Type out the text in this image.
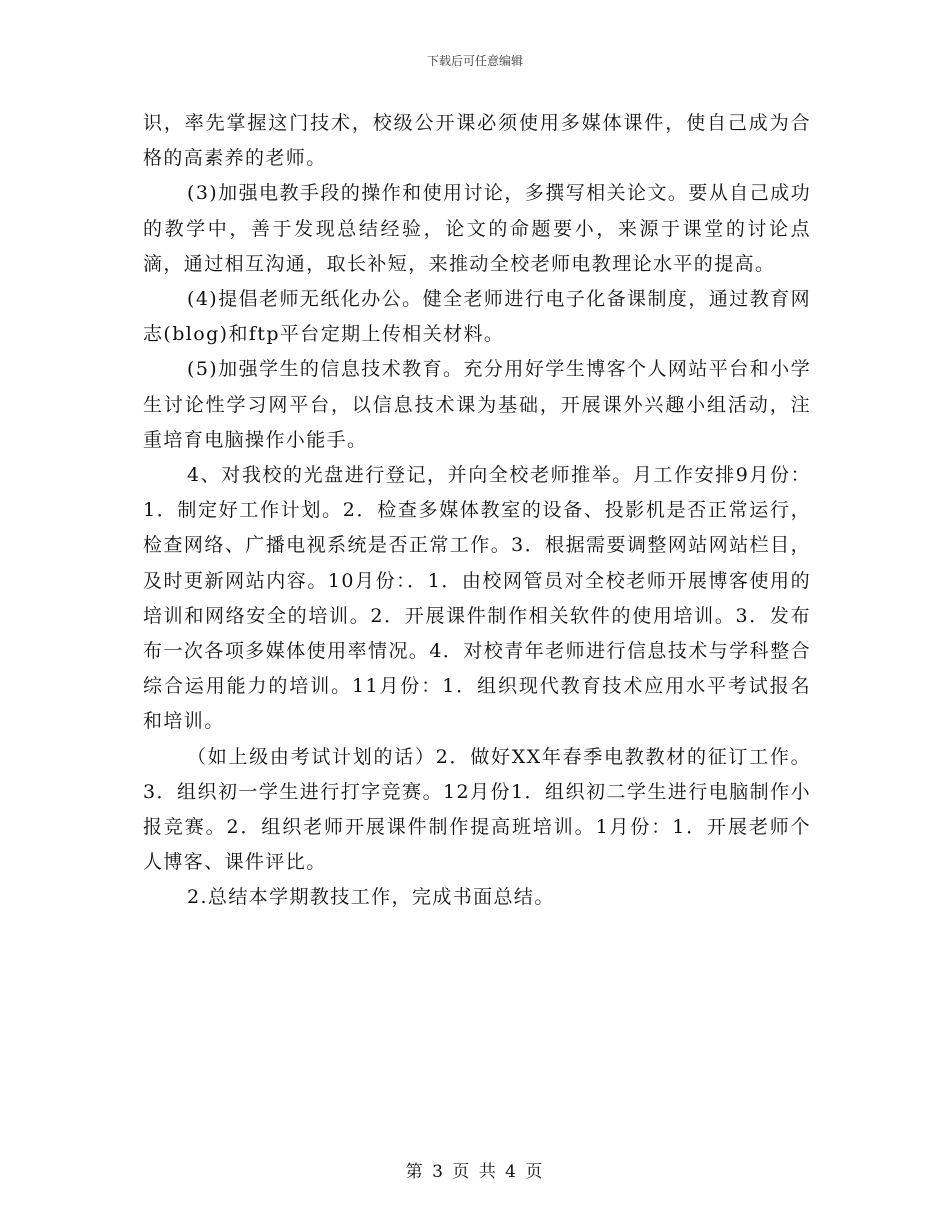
下载后可任意编辑

识，率先掌握这门技术，校级公开课必须使用多媒体课件，使自己成为合格的高素养的老师。

(3)加强电教手段的操作和使用讨论，多撰写相关论文。要从自己成功的教学中，善于发现总结经验，论文的命题要小，来源于课堂的讨论点滴，通过相互沟通，取长补短，来推动全校老师电教理论水平的提高。

(4)提倡老师无纸化办公。健全老师进行电子化备课制度，通过教育网志(blog)和ftp平台定期上传相关材料。

(5)加强学生的信息技术教育。充分用好学生博客个人网站平台和小学生讨论性学习网平台，以信息技术课为基础，开展课外兴趣小组活动，注重培育电脑操作小能手。

4、对我校的光盘进行登记，并向全校老师推举。月工作安排9月份：1．制定好工作计划。2．检查多媒体教室的设备、投影机是否正常运行，检查网络、广播电视系统是否正常工作。3．根据需要调整网站网站栏目，及时更新网站内容。10月份：．1．由校网管员对全校老师开展博客使用的培训和网络安全的培训。2．开展课件制作相关软件的使用培训。3．发布布一次各项多媒体使用率情况。4．对校青年老师进行信息技术与学科整合综合运用能力的培训。11月份：1．组织现代教育技术应用水平考试报名和培训。

（如上级由考试计划的话）2．做好XX年春季电教教材的征订工作。3．组织初一学生进行打字竞赛。12月份1．组织初二学生进行电脑制作小报竞赛。2．组织老师开展课件制作提高班培训。1月份：1．开展老师个人博客、课件评比。

2.总结本学期教技工作，完成书面总结。

第 3 页 共 4 页
